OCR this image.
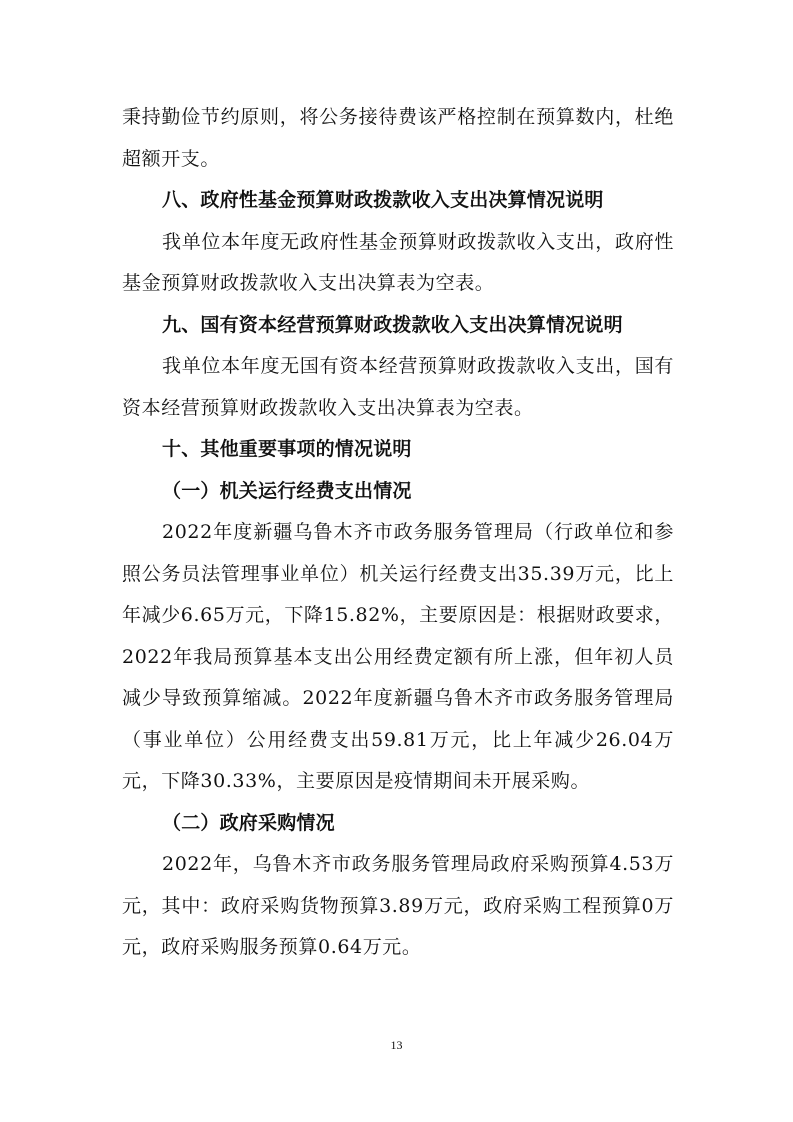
秉持勤俭节约原则，将公务接待费该严格控制在预算数内，杜绝超额开支。

八、政府性基金预算财政拨款收入支出决算情况说明

我单位本年度无政府性基金预算财政拨款收入支出，政府性基金预算财政拨款收入支出决算表为空表。

九、国有资本经营预算财政拨款收入支出决算情况说明

我单位本年度无国有资本经营预算财政拨款收入支出，国有资本经营预算财政拨款收入支出决算表为空表。

十、其他重要事项的情况说明

（一）机关运行经费支出情况

2022年度新疆乌鲁木齐市政务服务管理局（行政单位和参照公务员法管理事业单位）机关运行经费支出35.39万元，比上年减少6.65万元，下降15.82%，主要原因是：根据财政要求，2022年我局预算基本支出公用经费定额有所上涨，但年初人员减少导致预算缩减。2022年度新疆乌鲁木齐市政务服务管理局（事业单位）公用经费支出59.81万元，比上年减少26.04万元，下降30.33%，主要原因是疫情期间未开展采购。

（二）政府采购情况

2022年，乌鲁木齐市政务服务管理局政府采购预算4.53万元，其中：政府采购货物预算3.89万元，政府采购工程预算0万元，政府采购服务预算0.64万元。

13
